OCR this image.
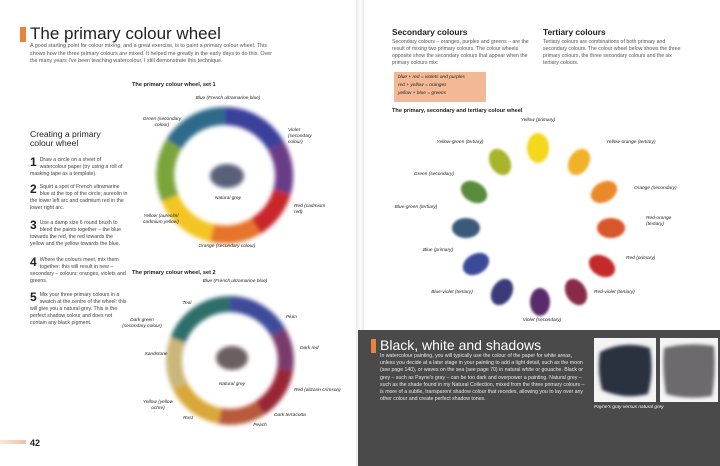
The primary colour wheel

A good starting point for colour mixing, and a great exercise, is to paint a primary colour wheel. This shows how the three primary colours are mixed. It helped me greatly in the early days to do this. Over the many years I've been teaching watercolour, I still demonstrate this technique.

The primary colour wheel, set 1
Blue (French ultramarine blue)
Green (secondary colour)
Violet (secondary colour)
Natural grey
Red (cadmium red)
Yellow (aureolin/ cadmium yellow)
Orange (secondary colour)
Creating a primary colour wheel
1 Draw a circle on a sheet of watercolour paper (try using a roll of masking tape as a template).
2 Squirt a spot of French ultramarine blue at the top of the circle; aureolin in the lower left arc and cadmium red in the lower right arc.
3 Use a damp size 6 round brush to blend the paints together – the blue towards the red, the red towards the yellow and the yellow towards the blue.
4 Where the colours meet, mix them together: this will result in new – secondary – colours: oranges, violets and greens.
5 Mix your three primary colours in a swatch at the centre of the wheel: this will give you a natural grey. This is the perfect shadow colour and does not contain any black pigment.
The primary colour wheel, set 2
Blue (French ultramarine blue)
Teal
Plum
Dark green (secondary colour)
Dark red
Sandstone
Natural grey
Red (alizarin crimson)
Yellow (yellow ochre)
Dark terracotta
Rust
Peach
42
Secondary colours

Secondary colours – oranges, purples and greens – are the result of mixing two primary colours. The colour wheels opposite show the secondary colours that appear when the primary colours mix:

blue + red = violets and purples
red + yellow = oranges
yellow + blue = greens
Tertiary colours

Tertiary colours are combinations of both primary and secondary colours. The colour wheel below shows the three primary colours, the three secondary colours and the six tertiary colours.

The primary, secondary and tertiary colour wheel
Yellow (primary)
Yellow-orange (tertiary)
Orange (secondary)
Red-orange (tertiary)
Red (primary)
Red-violet (tertiary)
Violet (secondary)
Blue-violet (tertiary)
Blue (primary)
Blue-green (tertiary)
Green (secondary)
Yellow-green (tertiary)
Black, white and shadows

In watercolour painting, you will typically use the colour of the paper for white areas, unless you decide at a later stage in your painting to add a light detail, such as the moon (see page 140), or waves on the sea (see page 70) in natural white or gouache. Black or grey – such as Payne's gray – can be too dark and overpower a painting. Natural grey – such as the shade found in my Natural Collection, mixed from the three primary colours – is more of a subtle, transparent shadow colour that recedes, allowing you to lay over any other colour and create perfect shadow tones.

Payne's gray versus natural grey
